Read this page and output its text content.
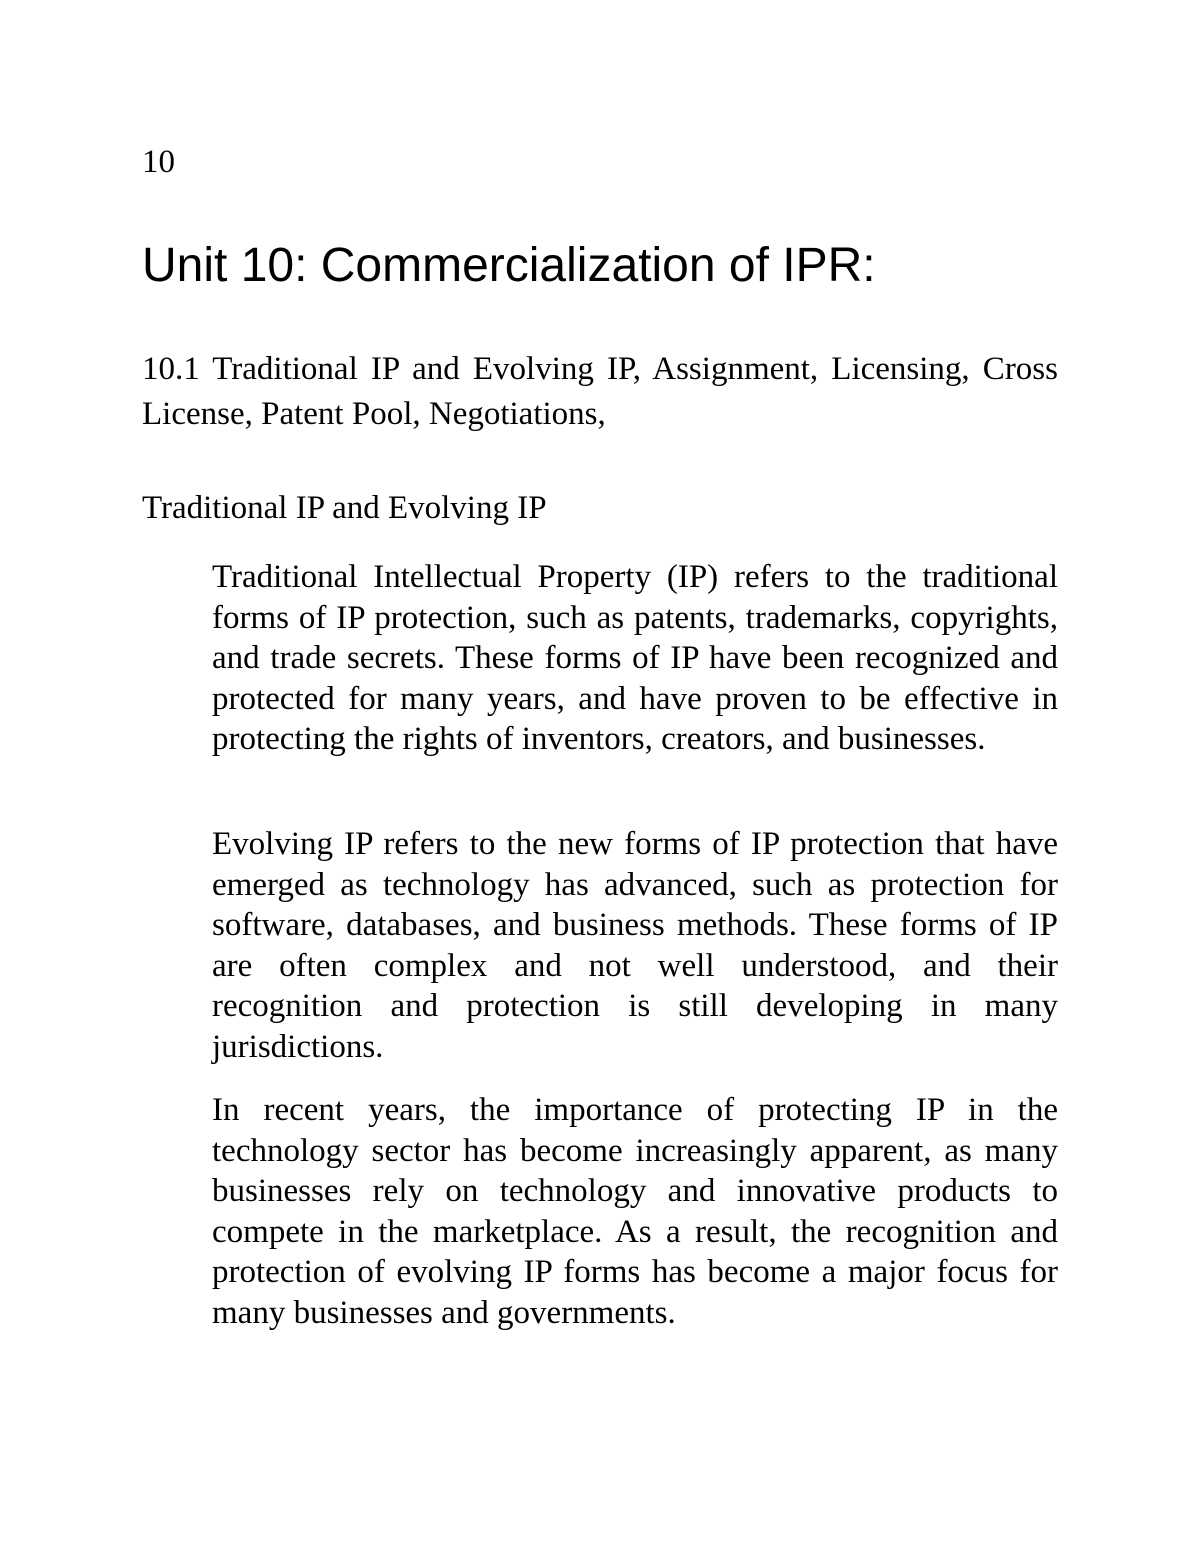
10
Unit 10: Commercialization of IPR:
10.1 Traditional IP and Evolving IP, Assignment, Licensing, Cross License, Patent Pool, Negotiations,
Traditional IP and Evolving IP

Traditional Intellectual Property (IP) refers to the traditional forms of IP protection, such as patents, trademarks, copyrights, and trade secrets. These forms of IP have been recognized and protected for many years, and have proven to be effective in protecting the rights of inventors, creators, and businesses.

Evolving IP refers to the new forms of IP protection that have emerged as technology has advanced, such as protection for software, databases, and business methods. These forms of IP are often complex and not well understood, and their recognition and protection is still developing in many jurisdictions.

In recent years, the importance of protecting IP in the technology sector has become increasingly apparent, as many businesses rely on technology and innovative products to compete in the marketplace. As a result, the recognition and protection of evolving IP forms has become a major focus for many businesses and governments.
